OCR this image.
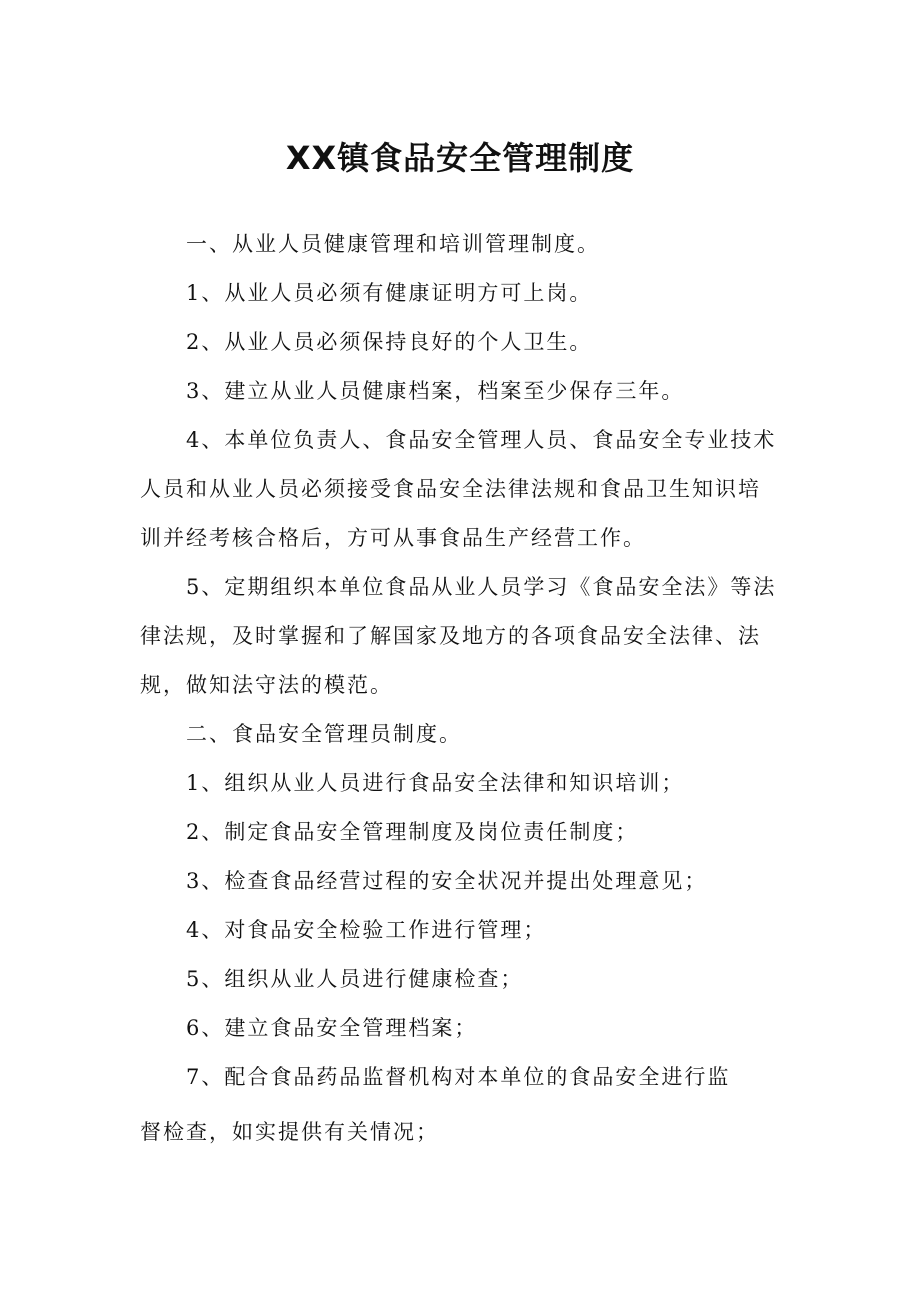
XX镇食品安全管理制度

一、从业人员健康管理和培训管理制度。

1、从业人员必须有健康证明方可上岗。

2、从业人员必须保持良好的个人卫生。

3、建立从业人员健康档案，档案至少保存三年。

4、本单位负责人、食品安全管理人员、食品安全专业技术

人员和从业人员必须接受食品安全法律法规和食品卫生知识培

训并经考核合格后，方可从事食品生产经营工作。

5、定期组织本单位食品从业人员学习《食品安全法》等法

律法规，及时掌握和了解国家及地方的各项食品安全法律、法

规，做知法守法的模范。

二、食品安全管理员制度。

1、组织从业人员进行食品安全法律和知识培训；

2、制定食品安全管理制度及岗位责任制度；

3、检查食品经营过程的安全状况并提出处理意见；

4、对食品安全检验工作进行管理；

5、组织从业人员进行健康检查；

6、建立食品安全管理档案；

7、配合食品药品监督机构对本单位的食品安全进行监

督检查，如实提供有关情况；
